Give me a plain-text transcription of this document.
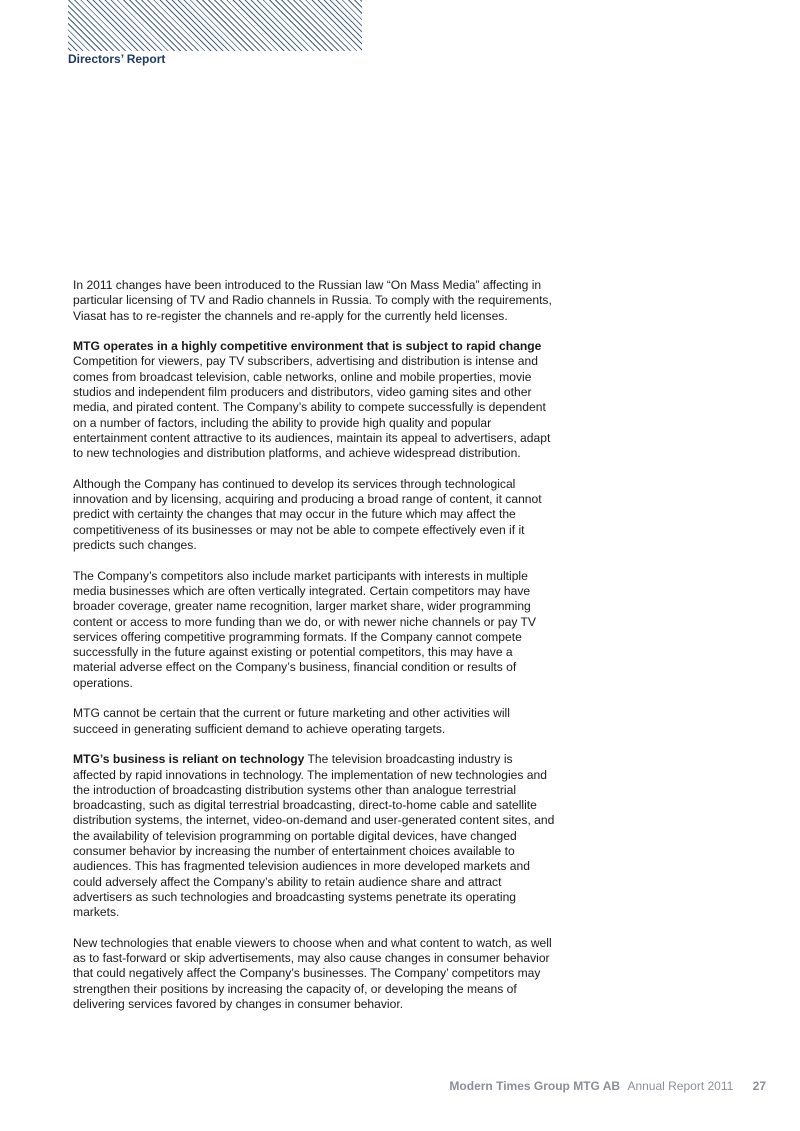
Directors’ Report

In 2011 changes have been introduced to the Russian law “On Mass Media” affecting in
particular licensing of TV and Radio channels in Russia. To comply with the requirements,
Viasat has to re-register the channels and re-apply for the currently held licenses.

MTG operates in a highly competitive environment that is subject to rapid change
Competition for viewers, pay TV subscribers, advertising and distribution is intense and
comes from broadcast television, cable networks, online and mobile properties, movie
studios and independent film producers and distributors, video gaming sites and other
media, and pirated content. The Company’s ability to compete successfully is dependent
on a number of factors, including the ability to provide high quality and popular
entertainment content attractive to its audiences, maintain its appeal to advertisers, adapt
to new technologies and distribution platforms, and achieve widespread distribution.

Although the Company has continued to develop its services through technological
innovation and by licensing, acquiring and producing a broad range of content, it cannot
predict with certainty the changes that may occur in the future which may affect the
competitiveness of its businesses or may not be able to compete effectively even if it
predicts such changes.

The Company’s competitors also include market participants with interests in multiple
media businesses which are often vertically integrated. Certain competitors may have
broader coverage, greater name recognition, larger market share, wider programming
content or access to more funding than we do, or with newer niche channels or pay TV
services offering competitive programming formats. If the Company cannot compete
successfully in the future against existing or potential competitors, this may have a
material adverse effect on the Company’s business, financial condition or results of
operations.

MTG cannot be certain that the current or future marketing and other activities will
succeed in generating sufficient demand to achieve operating targets.

MTG’s business is reliant on technology The television broadcasting industry is
affected by rapid innovations in technology. The implementation of new technologies and
the introduction of broadcasting distribution systems other than analogue terrestrial
broadcasting, such as digital terrestrial broadcasting, direct-to-home cable and satellite
distribution systems, the internet, video-on-demand and user-generated content sites, and
the availability of television programming on portable digital devices, have changed
consumer behavior by increasing the number of entertainment choices available to
audiences. This has fragmented television audiences in more developed markets and
could adversely affect the Company’s ability to retain audience share and attract
advertisers as such technologies and broadcasting systems penetrate its operating
markets.

New technologies that enable viewers to choose when and what content to watch, as well
as to fast-forward or skip advertisements, may also cause changes in consumer behavior
that could negatively affect the Company’s businesses. The Company’ competitors may
strengthen their positions by increasing the capacity of, or developing the means of
delivering services favored by changes in consumer behavior.

Modern Times Group MTG AB Annual Report 2011 27
